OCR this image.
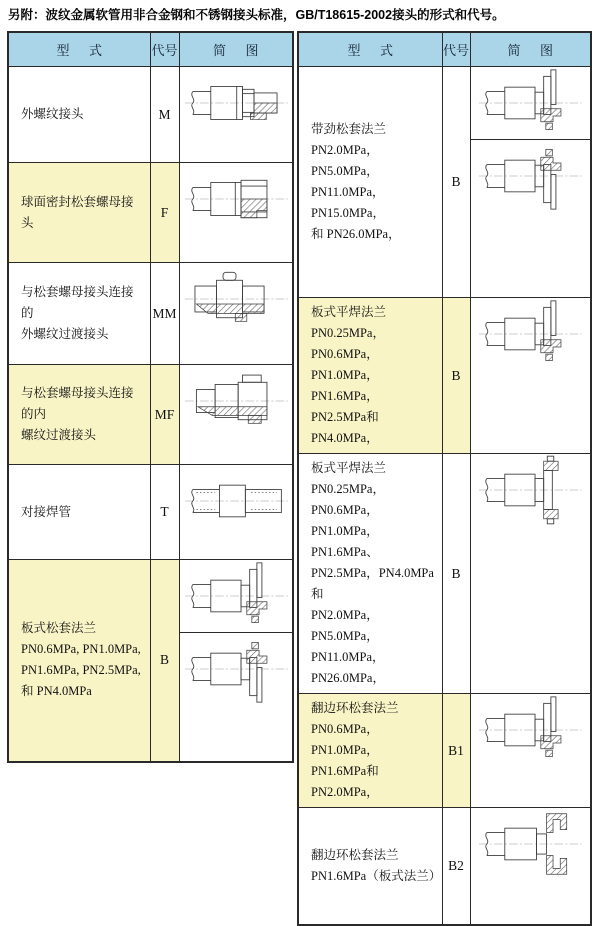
另附：波纹金属软管用非合金钢和不锈钢接头标准，GB/T18615-2002接头的形式和代号。
型      式	代号	简      图

外螺纹接头	M	

球面密封松套螺母接头	F	

与松套螺母接头连接的
外螺纹过渡接头	MM	

与松套螺母接头连接的内
螺纹过渡接头	MF	

对接焊管	T	

板式松套法兰
PN0.6MPa, PN1.0MPa,
PN1.6MPa, PN2.5MPa,
和 PN4.0MPa	B	
型      式	代号	简      图

带劲松套法兰
PN2.0MPa，PN5.0MPa，
PN11.0MPa，PN15.0MPa，
和 PN26.0MPa，	B	

板式平焊法兰
PN0.25MPa，PN0.6MPa，
PN1.0MPa，PN1.6MPa，
PN2.5MPa和PN4.0MPa，	B	

板式平焊法兰
PN0.25MPa，PN0.6MPa，
PN1.0MPa，PN1.6MPa、
PN2.5MPa，PN4.0MPa和
PN2.0MPa，PN5.0MPa，
PN11.0MPa，PN26.0MPa，
	B	

翻边环松套法兰
PN0.6MPa，PN1.0MPa，
PN1.6MPa和PN2.0MPa，	B1	

翻边环松套法兰
PN1.6MPa（板式法兰）	B2	
